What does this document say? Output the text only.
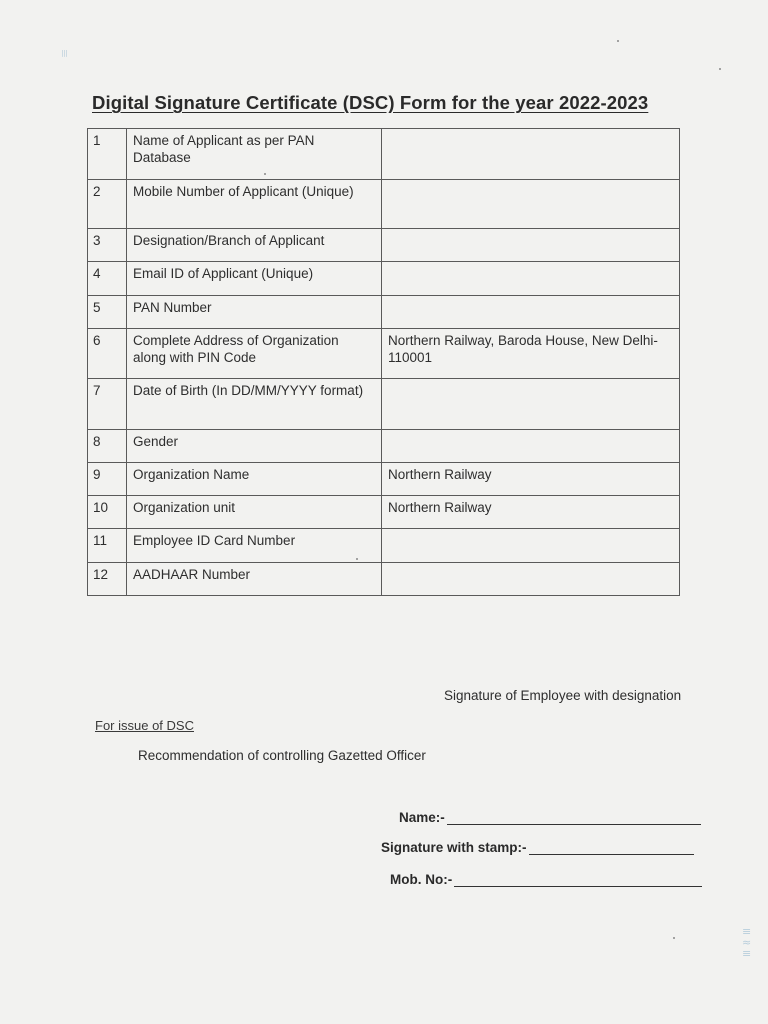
Digital Signature Certificate (DSC) Form for the year 2022-2023
1	Name of Applicant as per PAN Database	
2	Mobile Number of Applicant (Unique)	
3	Designation/Branch of Applicant	
4	Email ID of Applicant (Unique)	
5	PAN Number	
6	Complete Address of Organization along with PIN Code	Northern Railway, Baroda House, New Delhi-110001
7	Date of Birth (In DD/MM/YYYY format)	
8	Gender	
9	Organization Name	Northern Railway
10	Organization unit	Northern Railway
11	Employee ID Card Number	
12	AADHAAR Number	
Signature of Employee with designation
For issue of DSC
Recommendation of controlling Gazetted Officer
Name:-
Signature with stamp:-
Mob. No:-
≡
≡
≈
≡
